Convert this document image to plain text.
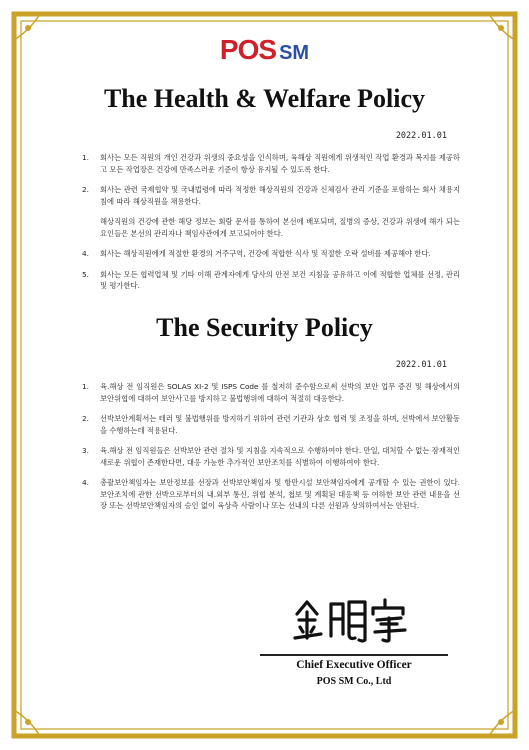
POS SM
The Health & Welfare Policy
2022.01.01
1. 회사는 모든 직원의 개인 건강과 위생의 중요성을 인식하며, 육해상 직원에게 위생적인 작업 환경과 복지를 제공하고 모든 작업장은 건강에 만족스러운 기준이 항상 유지될 수 있도록 한다.
2. 회사는 관련 국제협약 및 국내법령에 따라 적정한 해상직원의 건강과 신체검사 관리 기준을 포함하는 회사 채용지침에 따라 해상직원을 채용한다.
해상직원의 건강에 관한 해당 정보는 회람 문서를 통하여 본선에 배포되며, 질병의 증상, 건강과 위생에 해가 되는 요인들은 본선의 관리자나 책임사관에게 보고되어야 한다.
4. 회사는 해상직원에게 적절한 환경의 거주구역, 건강에 적합한 식사 및 적절한 오락 설비를 제공해야 한다.
5. 회사는 모든 협력업체 및 기타 이해 관계자에게 당사의 안전 보건 지침을 공유하고 이에 적합한 업체를 선정, 관리 및 평가한다.
The Security Policy
2022.01.01
1. 육.해상 전 임직원은 SOLAS XI-2 및 ISPS Code 를 철저히 준수함으로써 선박의 보안 업무 증진 및 해상에서의 보안위협에 대하여 보안사고를 방지하고 불법행위에 대하여 적절히 대응한다.
2. 선박보안계획서는 테러 및 불법행위를 방지하기 위하여 관련 기관과 상호 협력 및 조정을 하며, 선박에서 보안활동을 수행하는데 적용된다.
3. 육.해상 전 임직원들은 선박보안 관련 절차 및 지침을 지속적으로 수행하여야 한다. 만일, 대처할 수 없는 잠재적인 새로운 위협이 존재한다면, 대응 가능한 추가적인 보안조치를 식별하여 이행하여야 한다.
4. 총괄보안책임자는 보안정보를 선장과 선박보안책임자 및 항만시설 보안책임자에게 공개할 수 있는 권한이 있다. 보안조치에 관한 선박으로부터의 내.외부 통신, 위협 분석, 첩보 및 계획된 대응책 등 여하한 보안 관련 내용을 선장 또는 선박보안책임자의 승인 없이 육상측 사람이나 또는 선내의 다른 선원과 상의하여서는 안된다.
Chief Executive Officer
POS SM Co., Ltd
